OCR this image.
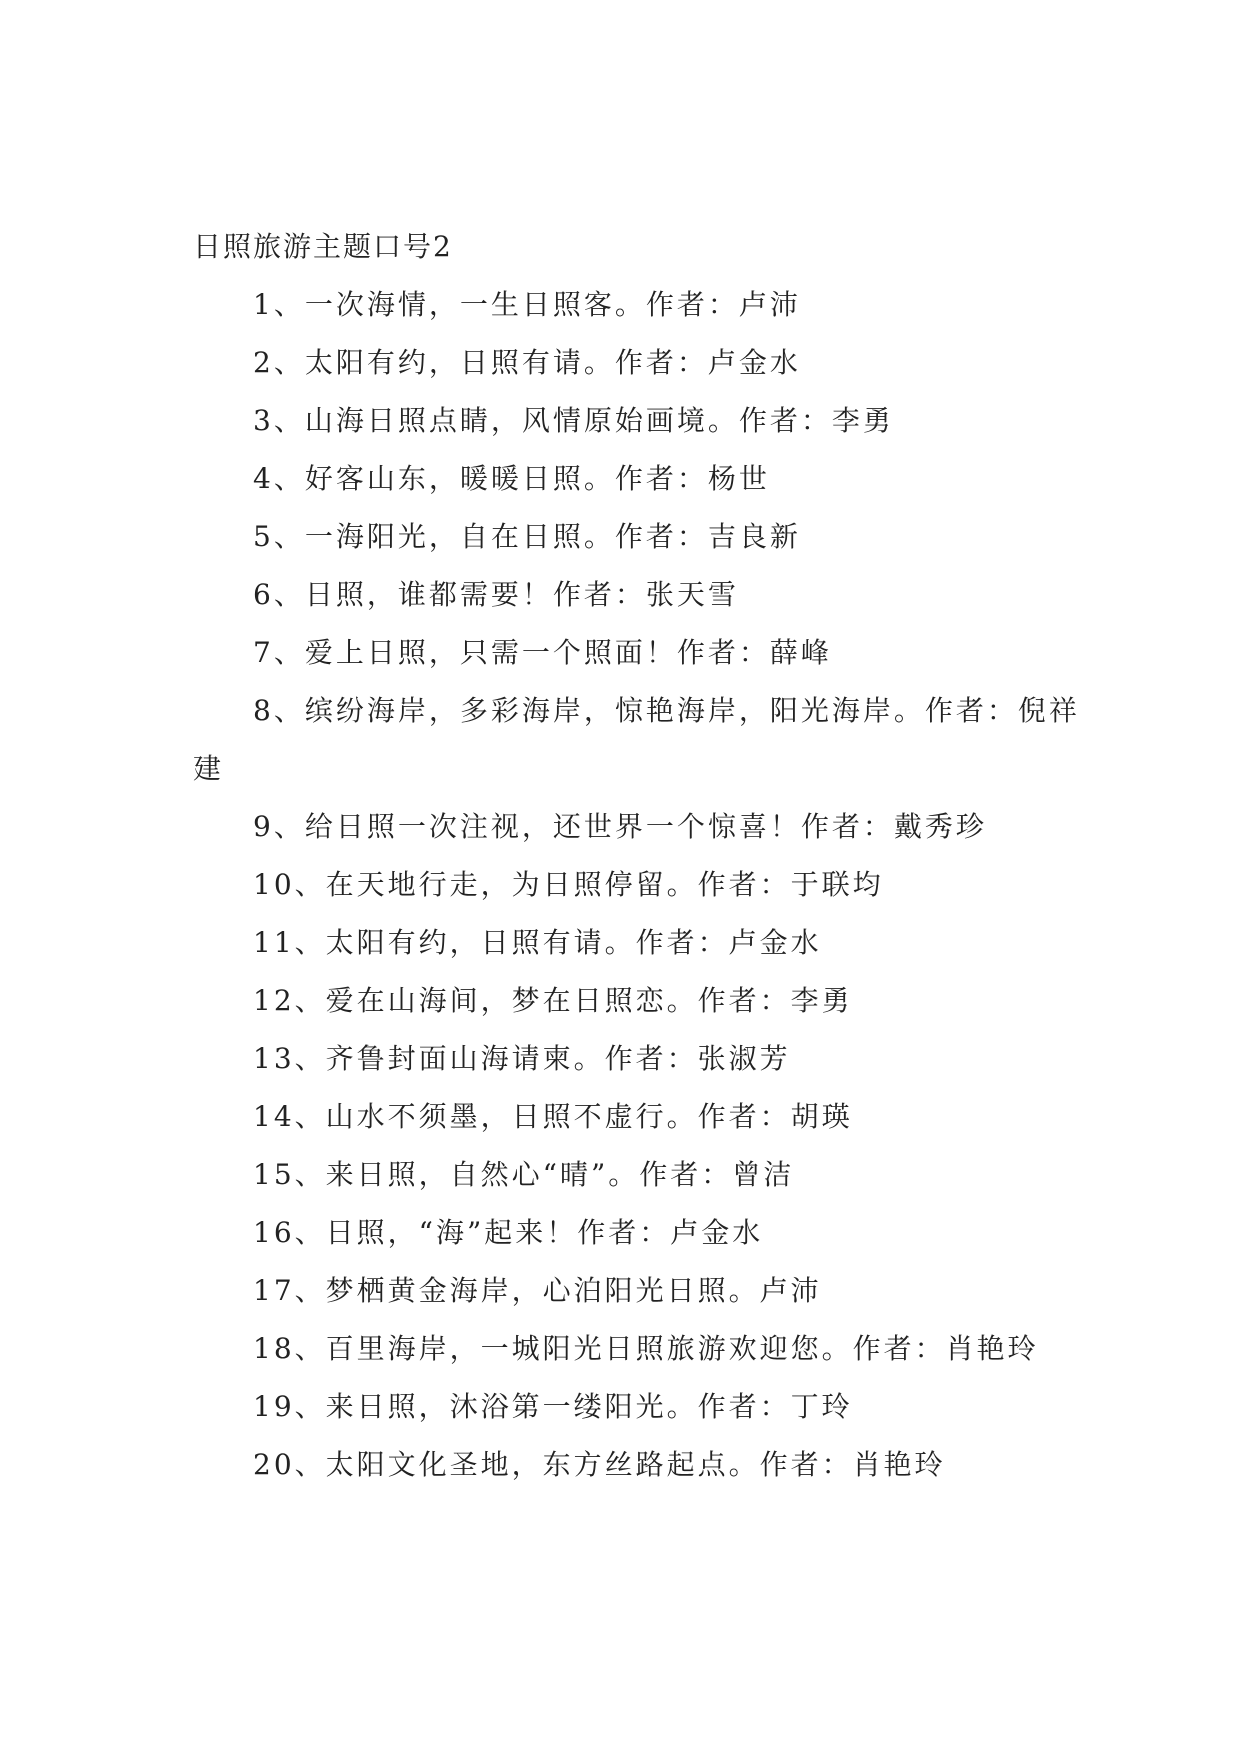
日照旅游主题口号2
1、一次海情，一生日照客。作者：卢沛
2、太阳有约，日照有请。作者：卢金水
3、山海日照点睛，风情原始画境。作者：李勇
4、好客山东，暖暖日照。作者：杨世
5、一海阳光，自在日照。作者：吉良新
6、日照，谁都需要！作者：张天雪
7、爱上日照，只需一个照面！作者：薛峰
8、缤纷海岸，多彩海岸，惊艳海岸，阳光海岸。作者：倪祥建
9、给日照一次注视，还世界一个惊喜！作者：戴秀珍
10、在天地行走，为日照停留。作者：于联均
11、太阳有约，日照有请。作者：卢金水
12、爱在山海间，梦在日照恋。作者：李勇
13、齐鲁封面山海请柬。作者：张淑芳
14、山水不须墨，日照不虚行。作者：胡瑛
15、来日照，自然心“晴”。作者：曾洁
16、日照，“海”起来！作者：卢金水
17、梦栖黄金海岸，心泊阳光日照。卢沛
18、百里海岸，一城阳光日照旅游欢迎您。作者：肖艳玲
19、来日照，沐浴第一缕阳光。作者：丁玲
20、太阳文化圣地，东方丝路起点。作者：肖艳玲
